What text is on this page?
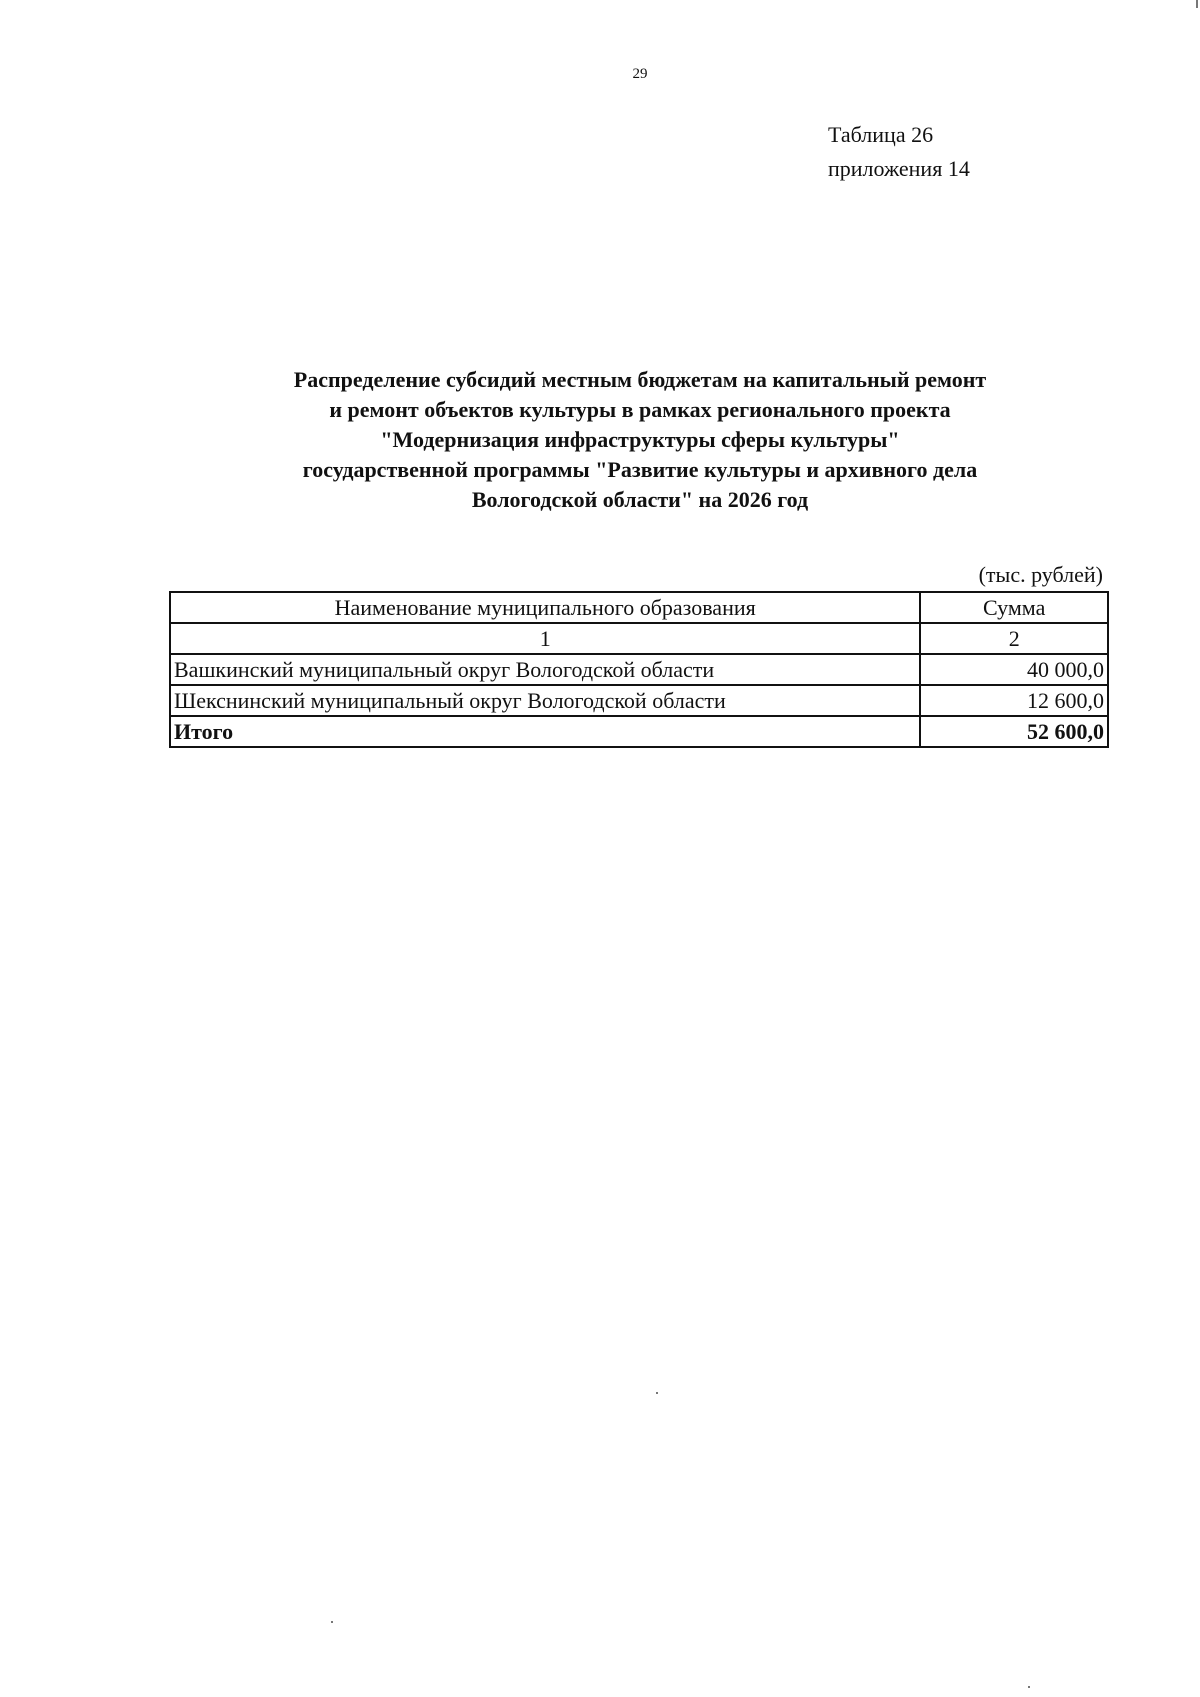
29
Таблица 26
приложения 14
Распределение субсидий местным бюджетам на капитальный ремонт
и ремонт объектов культуры в рамках регионального проекта
"Модернизация инфраструктуры сферы культуры"
государственной программы "Развитие культуры и архивного дела
Вологодской области" на 2026 год
(тыс. рублей)
Наименование муниципального образования	Сумма
1	2
Вашкинский муниципальный округ Вологодской области	40 000,0
Шекснинский муниципальный округ Вологодской области	12 600,0
Итого	52 600,0
